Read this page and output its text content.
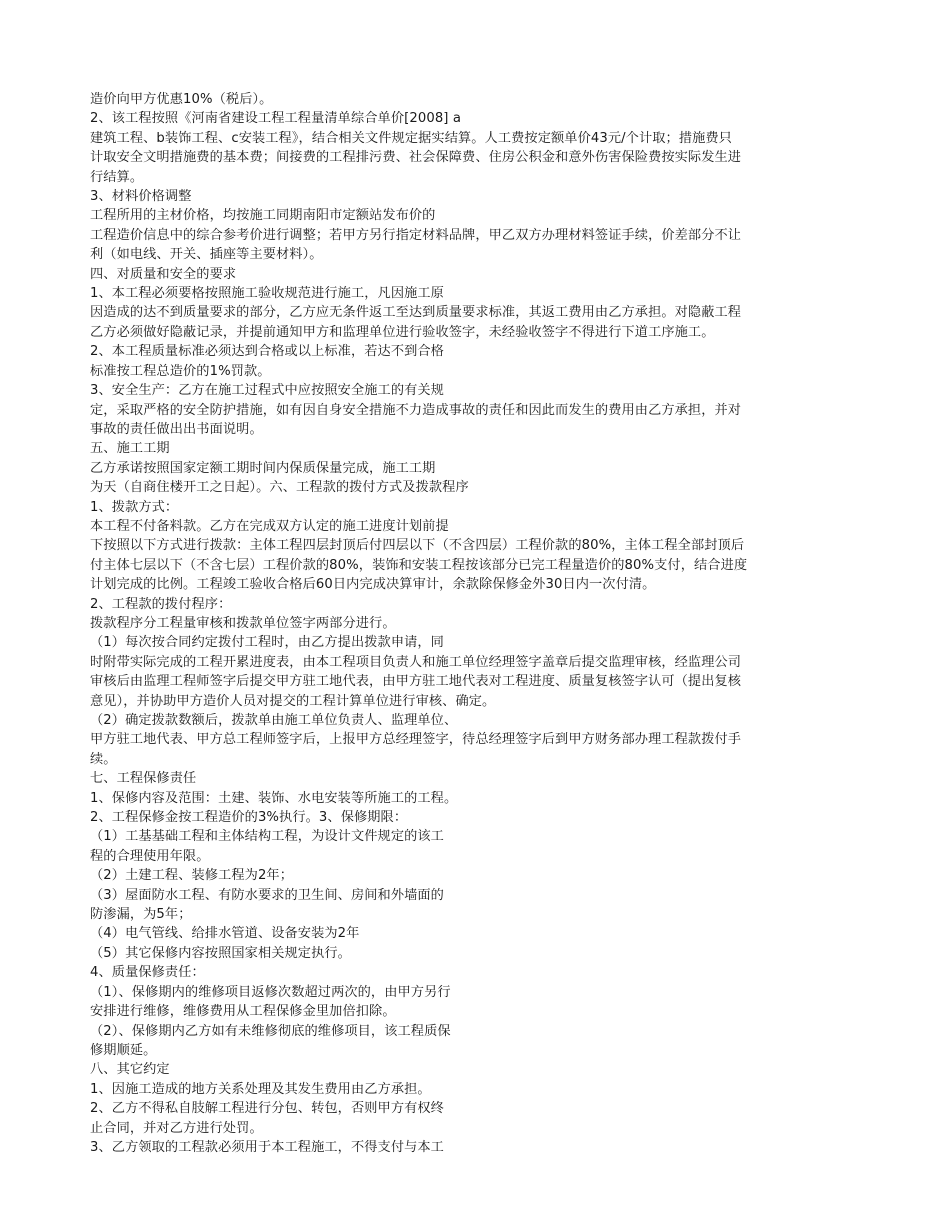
造价向甲方优惠10%（税后）。
2、该工程按照《河南省建设工程工程量清单综合单价[2008] a
建筑工程、b装饰工程、c安装工程》，结合相关文件规定据实结算。人工费按定额单价43元/个计取；措施费只
计取安全文明措施费的基本费；间接费的工程排污费、社会保障费、住房公积金和意外伤害保险费按实际发生进
行结算。
3、材料价格调整
工程所用的主材价格，均按施工同期南阳市定额站发布价的
工程造价信息中的综合参考价进行调整；若甲方另行指定材料品牌，甲乙双方办理材料签证手续，价差部分不让
利（如电线、开关、插座等主要材料）。
四、对质量和安全的要求
1、本工程必须要格按照施工验收规范进行施工，凡因施工原
因造成的达不到质量要求的部分，乙方应无条件返工至达到质量要求标准，其返工费用由乙方承担。对隐蔽工程
乙方必须做好隐蔽记录，并提前通知甲方和监理单位进行验收签字，未经验收签字不得进行下道工序施工。
2、本工程质量标准必须达到合格或以上标准，若达不到合格
标准按工程总造价的1%罚款。
3、安全生产：乙方在施工过程式中应按照安全施工的有关规
定，采取严格的安全防护措施，如有因自身安全措施不力造成事故的责任和因此而发生的费用由乙方承担，并对
事故的责任做出出书面说明。
五、施工工期
乙方承诺按照国家定额工期时间内保质保量完成，施工工期
为天（自商住楼开工之日起）。六、工程款的拨付方式及拨款程序
1、拨款方式：
本工程不付备料款。乙方在完成双方认定的施工进度计划前提
下按照以下方式进行拨款：主体工程四层封顶后付四层以下（不含四层）工程价款的80%，主体工程全部封顶后
付主体七层以下（不含七层）工程价款的80%，装饰和安装工程按该部分已完工程量造价的80%支付，结合进度
计划完成的比例。工程竣工验收合格后60日内完成决算审计，余款除保修金外30日内一次付清。
2、工程款的拨付程序：
拨款程序分工程量审核和拨款单位签字两部分进行。
（1）每次按合同约定拨付工程时，由乙方提出拨款申请，同
时附带实际完成的工程开累进度表，由本工程项目负责人和施工单位经理签字盖章后提交监理审核，经监理公司
审核后由监理工程师签字后提交甲方驻工地代表，由甲方驻工地代表对工程进度、质量复核签字认可（提出复核
意见），并协助甲方造价人员对提交的工程计算单位进行审核、确定。
（2）确定拨款数额后，拨款单由施工单位负责人、监理单位、
甲方驻工地代表、甲方总工程师签字后，上报甲方总经理签字，待总经理签字后到甲方财务部办理工程款拨付手
续。
七、工程保修责任
1、保修内容及范围：土建、装饰、水电安装等所施工的工程。
2、工程保修金按工程造价的3%执行。3、保修期限：
（1）工基基础工程和主体结构工程，为设计文件规定的该工
程的合理使用年限。
（2）土建工程、装修工程为2年；
（3）屋面防水工程、有防水要求的卫生间、房间和外墙面的
防渗漏，为5年；
（4）电气管线、给排水管道、设备安装为2年
（5）其它保修内容按照国家相关规定执行。
4、质量保修责任：
（1）、保修期内的维修项目返修次数超过两次的，由甲方另行
安排进行维修，维修费用从工程保修金里加倍扣除。
（2）、保修期内乙方如有未维修彻底的维修项目，该工程质保
修期顺延。
八、其它约定
1、因施工造成的地方关系处理及其发生费用由乙方承担。
2、乙方不得私自肢解工程进行分包、转包，否则甲方有权终
止合同，并对乙方进行处罚。
3、乙方领取的工程款必须用于本工程施工，不得支付与本工
